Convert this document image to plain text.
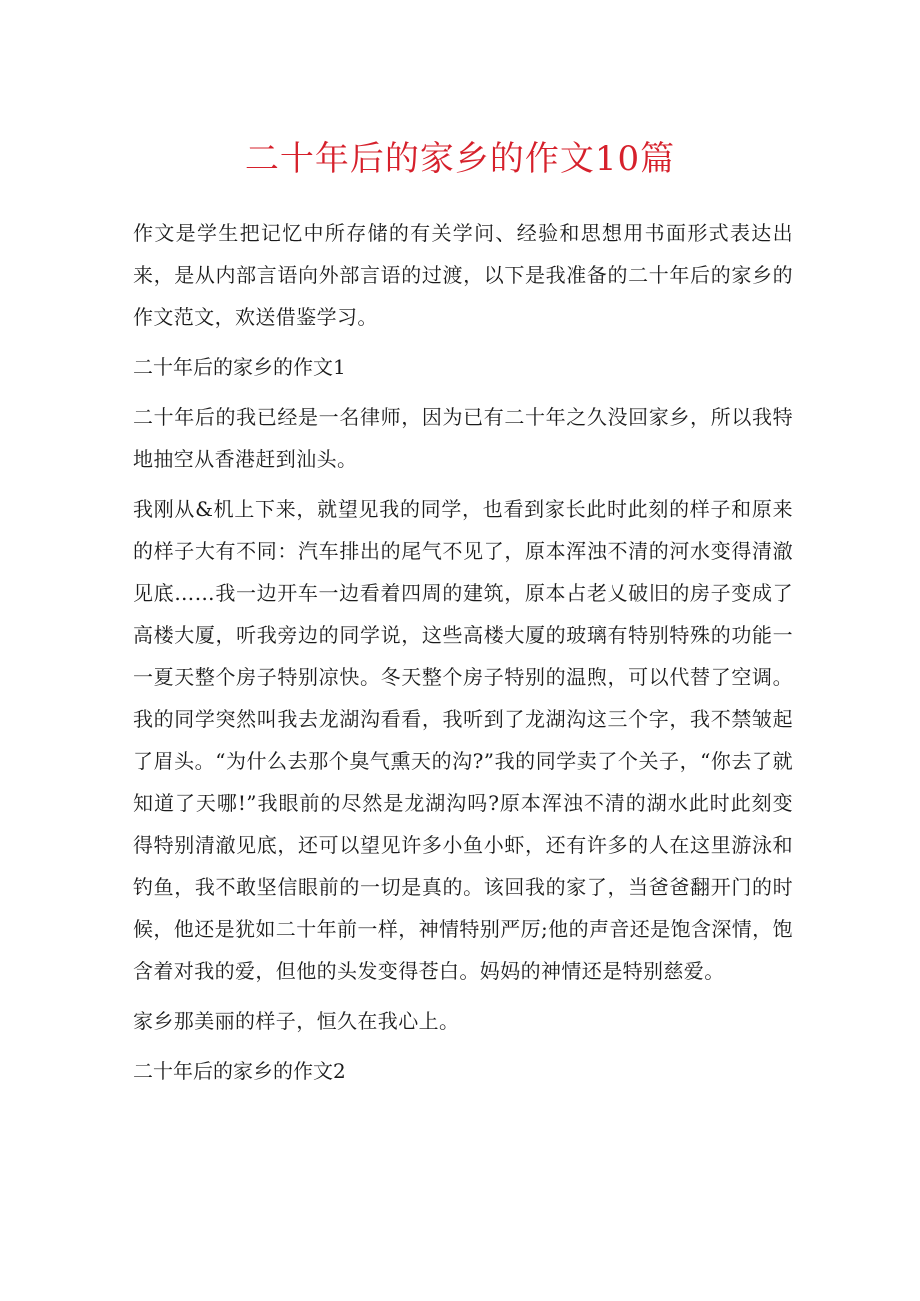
二十年后的家乡的作文10篇

作文是学生把记忆中所存储的有关学问、经验和思想用书面形式表达出来，是从内部言语向外部言语的过渡，以下是我准备的二十年后的家乡的作文范文，欢送借鉴学习。

二十年后的家乡的作文1

二十年后的我已经是一名律师，因为已有二十年之久没回家乡，所以我特地抽空从香港赶到汕头。

我刚从&机上下来，就望见我的同学，也看到家长此时此刻的样子和原来的样子大有不同：汽车排出的尾气不见了，原本浑浊不清的河水变得清澈见底……我一边开车一边看着四周的建筑，原本占老乂破旧的房子变成了高楼大厦，听我旁边的同学说，这些高楼大厦的玻璃有特别特殊的功能一一夏天整个房子特别凉快。冬天整个房子特别的温煦，可以代替了空调。我的同学突然叫我去龙湖沟看看，我听到了龙湖沟这三个字，我不禁皱起了眉头。“为什么去那个臭气熏天的沟?”我的同学卖了个关子，“你去了就知道了天哪!”我眼前的尽然是龙湖沟吗?原本浑浊不清的湖水此时此刻变得特别清澈见底，还可以望见许多小鱼小虾，还有许多的人在这里游泳和钓鱼，我不敢坚信眼前的一切是真的。该回我的家了，当爸爸翻开门的时候，他还是犹如二十年前一样，神情特别严厉;他的声音还是饱含深情，饱含着对我的爱，但他的头发变得苍白。妈妈的神情还是特别慈爱。

家乡那美丽的样子，恒久在我心上。

二十年后的家乡的作文2
